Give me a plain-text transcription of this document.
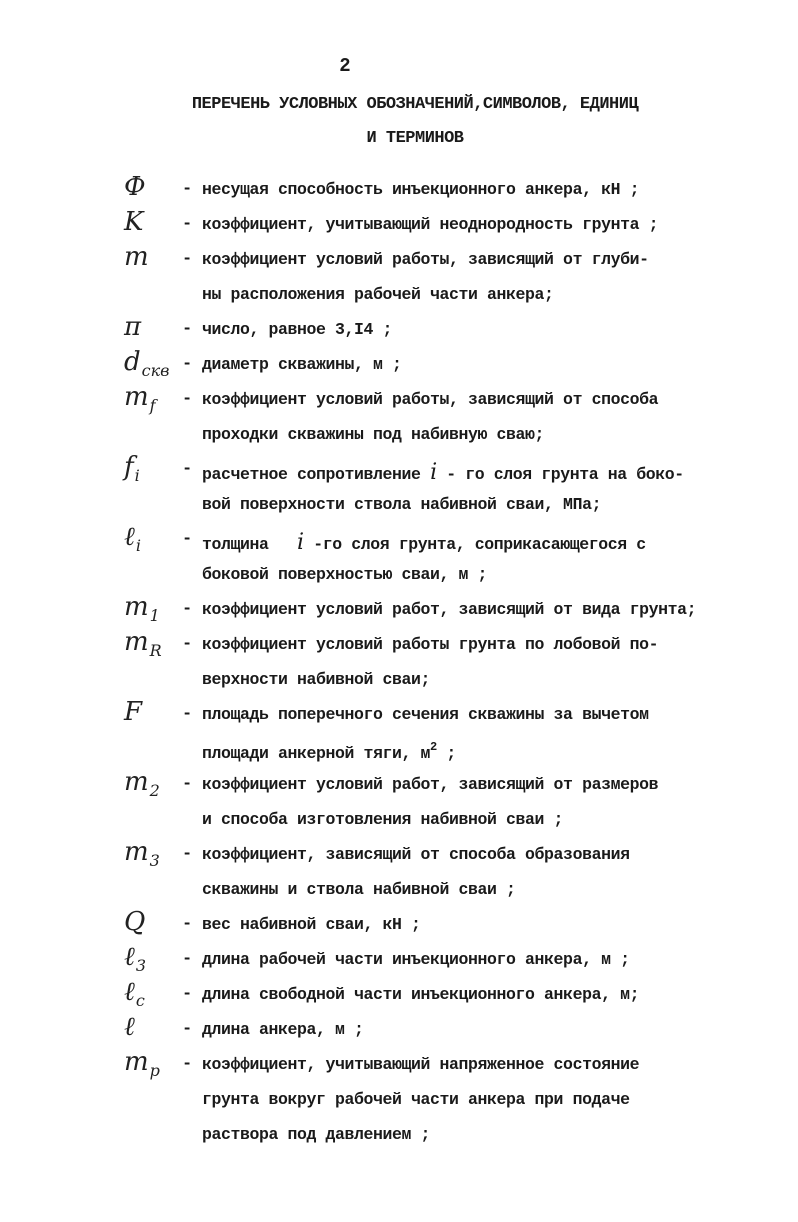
2
ПЕРЕЧЕНЬ УСЛОВНЫХ ОБОЗНАЧЕНИЙ,СИМВОЛОВ, ЕДИНИЦ
И ТЕРМИНОВ
Ф - несущая способность инъекционного анкера, кН ;
K - коэффициент, учитывающий неоднородность грунта ;
m - коэффициент условий работы, зависящий от глуби-
ны расположения рабочей части анкера;
π - число, равное 3,I4 ;
$d_{скв}$ - диаметр скважины, м ;
$m_f$ - коэффициент условий работы, зависящий от способа
проходки скважины под набивную сваю;
$f_i$ - расчетное сопротивление i - го слоя грунта на боко-
вой поверхности ствола набивной сваи, МПа;
ℓ$_i$ - толщина i -го слоя грунта, соприкасающегося с
боковой поверхностью сваи, м ;
$m_1$ - коэффициент условий работ, зависящий от вида грунта;
$m_R$ - коэффициент условий работы грунта по лобовой по-
верхности набивной сваи;
F - площадь поперечного сечения скважины за вычетом
площади анкерной тяги, $м^2$ ;
$m_2$ - коэффициент условий работ, зависящий от размеров
и способа изготовления набивной сваи ;
$m_3$ - коэффициент, зависящий от способа образования
скважины и ствола набивной сваи ;
Q - вес набивной сваи, кН ;
ℓ$_3$ - длина рабочей части инъекционного анкера, м ;
ℓ$_c$ - длина свободной части инъекционного анкера, м;
ℓ	- длина анкера, м ;
$m_p$ - коэффициент, учитывающий напряженное состояние
грунта вокруг рабочей части анкера при подаче
раствора под давлением ;
